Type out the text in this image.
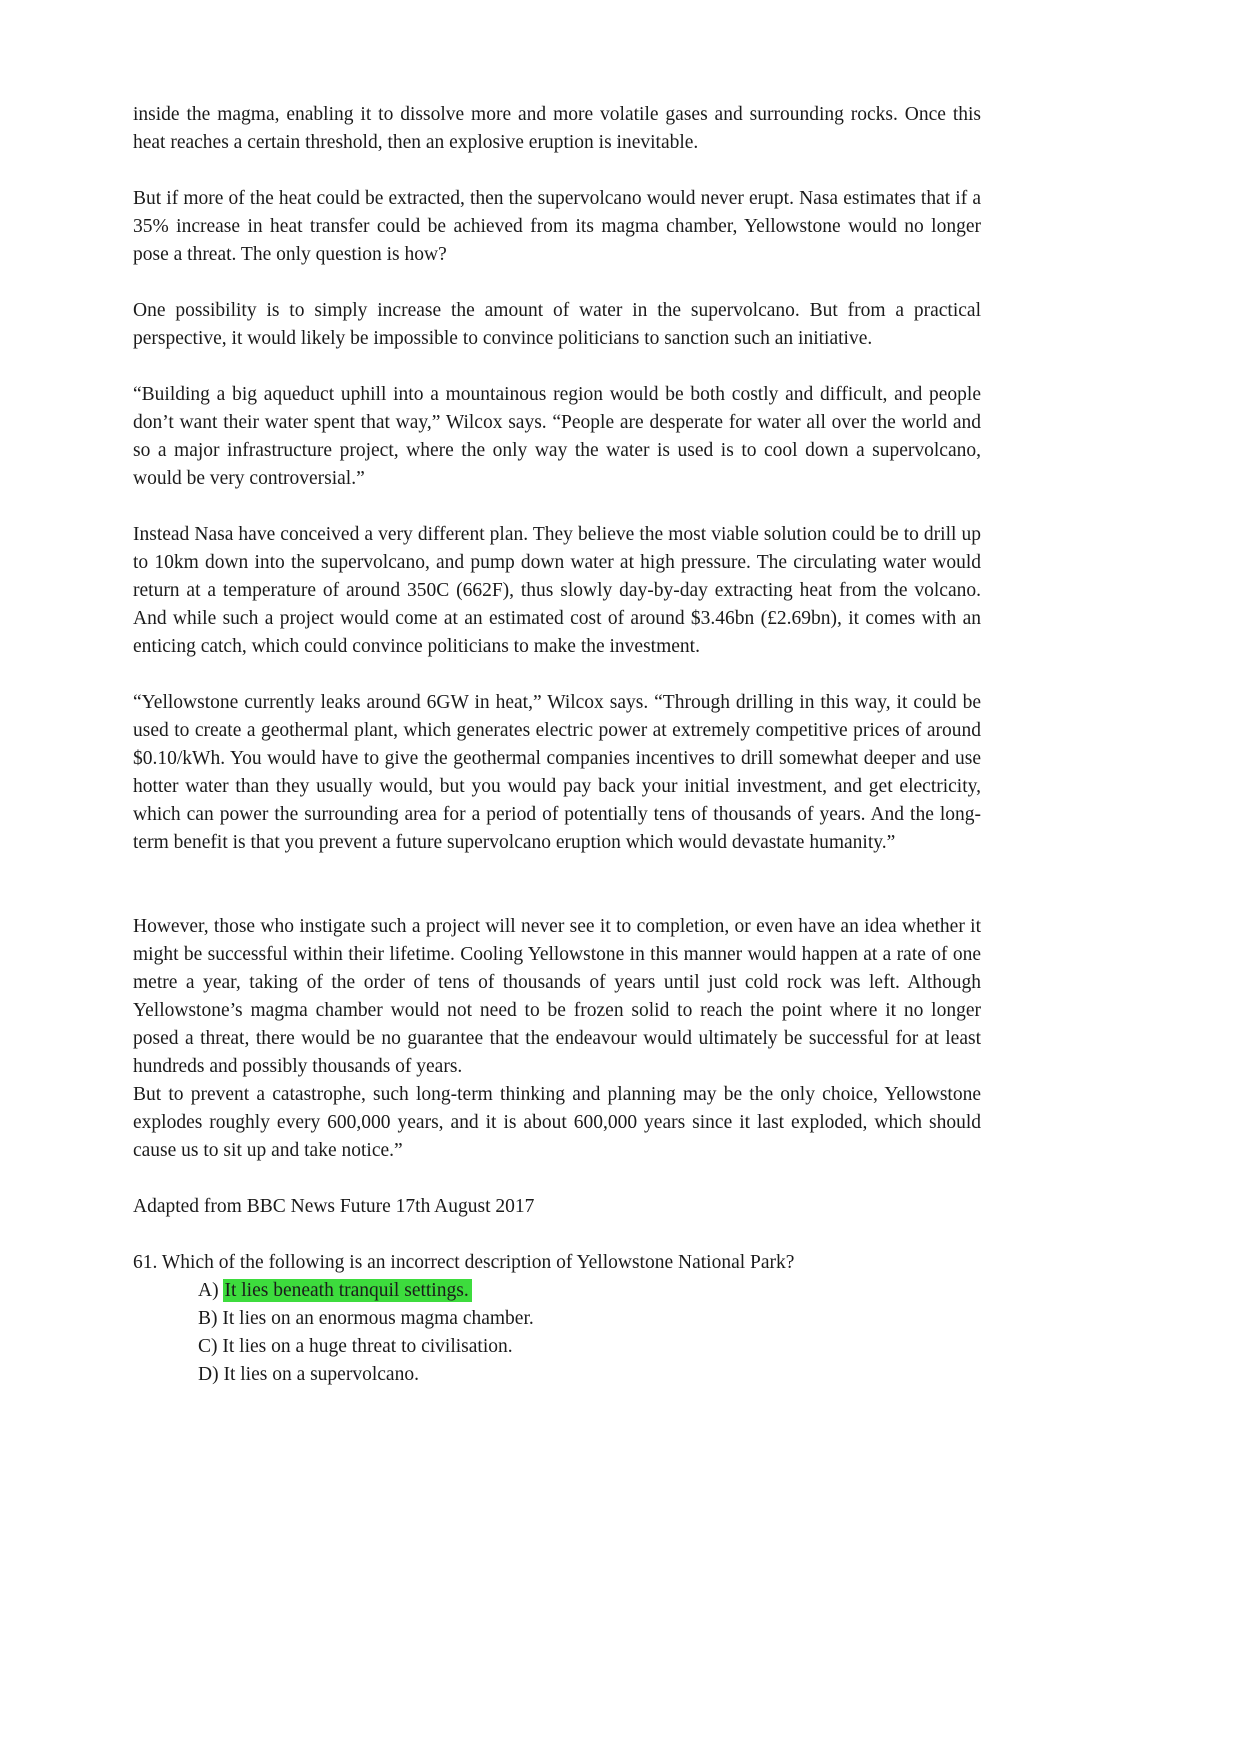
inside the magma, enabling it to dissolve more and more volatile gases and surrounding rocks. Once this heat reaches a certain threshold, then an explosive eruption is inevitable.

But if more of the heat could be extracted, then the supervolcano would never erupt. Nasa estimates that if a 35% increase in heat transfer could be achieved from its magma chamber, Yellowstone would no longer pose a threat. The only question is how?

One possibility is to simply increase the amount of water in the supervolcano. But from a practical perspective, it would likely be impossible to convince politicians to sanction such an initiative.

“Building a big aqueduct uphill into a mountainous region would be both costly and difficult, and people don’t want their water spent that way,” Wilcox says. “People are desperate for water all over the world and so a major infrastructure project, where the only way the water is used is to cool down a supervolcano, would be very controversial.”

Instead Nasa have conceived a very different plan. They believe the most viable solution could be to drill up to 10km down into the supervolcano, and pump down water at high pressure. The circulating water would return at a temperature of around 350C (662F), thus slowly day-by-day extracting heat from the volcano. And while such a project would come at an estimated cost of around $3.46bn (£2.69bn), it comes with an enticing catch, which could convince politicians to make the investment.

“Yellowstone currently leaks around 6GW in heat,” Wilcox says. “Through drilling in this way, it could be used to create a geothermal plant, which generates electric power at extremely competitive prices of around $0.10/kWh. You would have to give the geothermal companies incentives to drill somewhat deeper and use hotter water than they usually would, but you would pay back your initial investment, and get electricity, which can power the surrounding area for a period of potentially tens of thousands of years. And the long-term benefit is that you prevent a future supervolcano eruption which would devastate humanity.”

However, those who instigate such a project will never see it to completion, or even have an idea whether it might be successful within their lifetime. Cooling Yellowstone in this manner would happen at a rate of one metre a year, taking of the order of tens of thousands of years until just cold rock was left. Although Yellowstone’s magma chamber would not need to be frozen solid to reach the point where it no longer posed a threat, there would be no guarantee that the endeavour would ultimately be successful for at least hundreds and possibly thousands of years.

But to prevent a catastrophe, such long-term thinking and planning may be the only choice, Yellowstone explodes roughly every 600,000 years, and it is about 600,000 years since it last exploded, which should cause us to sit up and take notice.”

Adapted from BBC News Future 17th August 2017

61. Which of the following is an incorrect description of Yellowstone National Park?

A) It lies beneath tranquil settings.
B) It lies on an enormous magma chamber.
C) It lies on a huge threat to civilisation.
D) It lies on a supervolcano.
